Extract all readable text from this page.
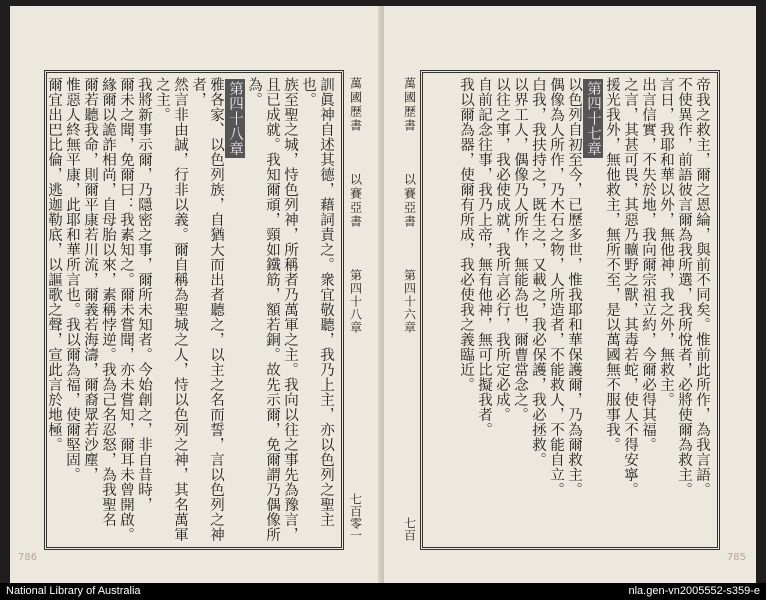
訓眞神自述其德，藉詞責之。衆宜敬聽，我乃上主，亦以色列之聖主也。
族至聖之城，恃色列神，所稱者乃萬軍之主。我向以往之事先為豫言，
且已成就。我知爾頑，頸如鐵筋，額若銅。故先示爾，免爾謂乃偶像所為。
第四十八章
雅各家、以色列族，自猶大而出者聽之，以主之名而誓，言以色列之神者，
然言非由誠，行非以義。爾自稱為聖城之人，恃以色列之神，其名萬軍之主。
我將新事示爾，乃隱密之事，爾所未知者。今始創之，非自昔時，
爾未之聞，免爾曰：我素知之。爾未嘗聞，亦未嘗知，爾耳未曾開啟。
緣爾以詭詐相尚，自母胎以來，素稱悖逆。我為己名忍怒，為我聖名
爾若聽我命，則爾平康若川流，爾義若海濤，爾裔眾若沙塵，
惟惡人終無平康，此耶和華所言也。我以爾為福，使爾堅固。
爾宜出巴比倫，逃迦勒底，以謳歌之聲，宣此言於地極。	萬國歷書
以賽亞書
第四十八章
七百零一
786
萬國歷書
以賽亞書
第四十六章
七百
帝我之救主，爾之恩綸，與前不同矣。惟前此所作，為我言語。
不使異作，前語彼言爾為我所選，我所悅者，必將使爾為救主。
言日，我耶和華以外，無他神，我之外，無救主。
出言信實，不失於地，我向爾宗祖立約，今爾必得其福。
之言，其甚可畏，其惡乃曠野之獸，其毒若蛇，使人不得安寧。
援光我外，無他救主，無所不至，是以萬國無不服事我。
第四十七章
以色列自初至今，已歷多世，惟我耶和華保護爾，乃為爾救主。
偶像為人所作，乃木石之物，人所造者，不能救人，不能自立。
白我，我扶持之，既生之，又載之，我必保護，我必拯救。
以界工人，偶像乃人所作，無能為也，爾曹當念之。
以往之事，我必使成就，我所言必行，我所定必成。
自前記念往事，我乃上帝，無有他神，無可比擬我者。
我以爾為器，使爾有所成，我必使我之義臨近。
785
National Library of Australia	nla.gen-vn2005552-s359-e
